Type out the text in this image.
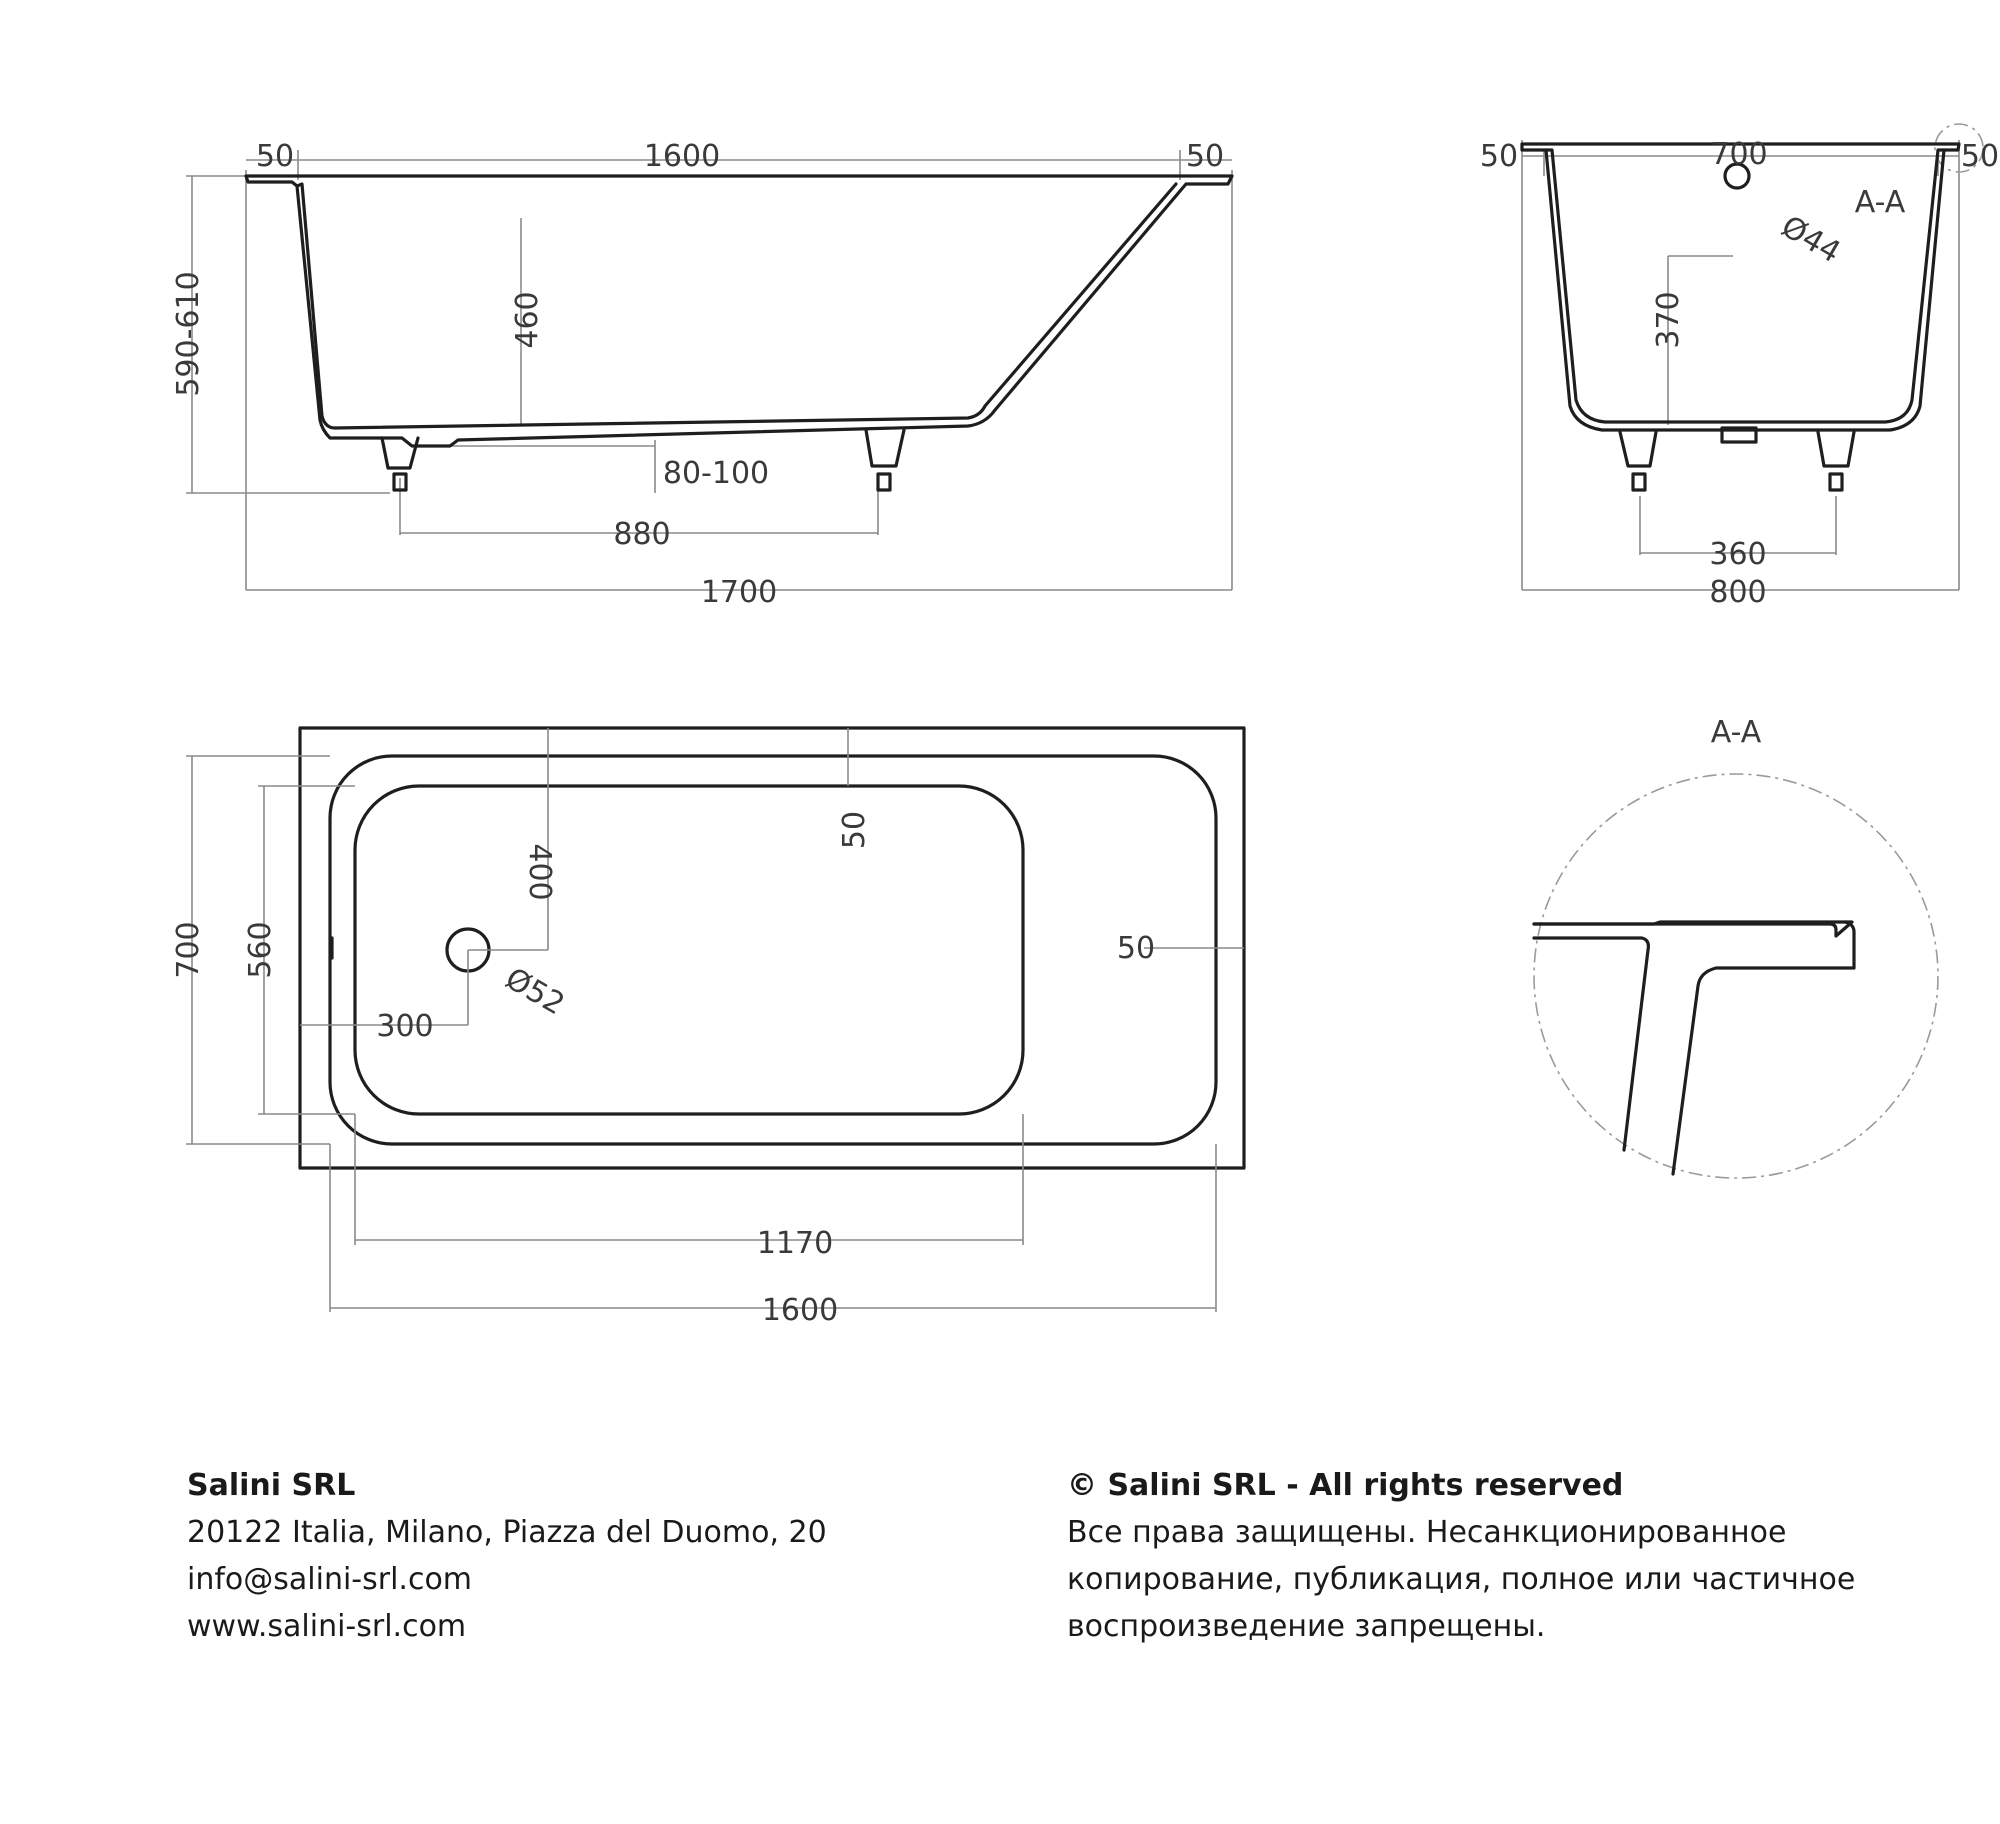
50	1600	50
590-610	460
80-100
880
1700
50	700	50
A-A
Ø44
370
360
800
400
50
50
700 560
300
Ø52
1170
1600
A-A
Salini SRL
20122 Italia, Milano, Piazza del Duomo, 20
info@salini-srl.com
www.salini-srl.com
© Salini SRL - All rights reserved
Все права защищены. Несанкционированное
копирование, публикация, полное или частичное
воспроизведение запрещены.
